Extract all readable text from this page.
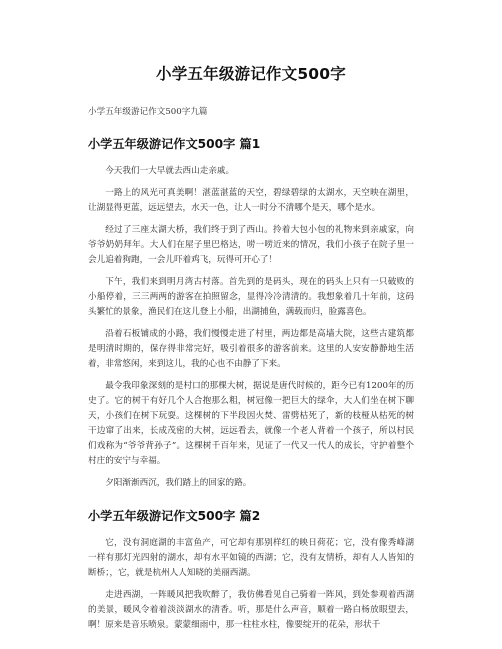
小学五年级游记作文500字
小学五年级游记作文500字九篇
小学五年级游记作文500字 篇1

今天我们一大早就去西山走亲戚。

一路上的风光可真美啊！湛蓝湛蓝的天空，碧绿碧绿的太湖水，天空映在湖里，让湖显得更蓝，远远望去，水天一色，让人一时分不清哪个是天，哪个是水。

经过了三座太湖大桥，我们终于到了西山。拎着大包小包的礼物来到亲戚家，向爷爷奶奶拜年。大人们在屋子里巴格达，唠一唠近来的情况，我们小孩子在院子里一会儿追着狗跑，一会儿吓着鸡飞，玩得可开心了！

下午，我们来到明月湾古村落。首先到的是码头，现在的码头上只有一只破败的小船停着，三三两两的游客在拍照留念，显得冷冷清清的。我想象着几十年前，这码头繁忙的景象，渔民们在这儿登上小船，出湖捕鱼，满载而归，脸露喜色。

沿着石板铺成的小路，我们慢慢走进了村里，两边都是高墙大院，这些古建筑都是明清时期的，保存得非常完好，吸引着很多的游客前来。这里的人安安静静地生活着，非常悠闲，来到这儿，我的心也不由静了下来。

最令我印象深刻的是村口的那棵大树，据说是唐代时候的，距今已有1200年的历史了。它的树干有好几个人合抱那么粗，树冠像一把巨大的绿伞，大人们坐在树下聊天，小孩们在树下玩耍。这棵树的下半段因火焚、雷劈枯死了，新的枝桠从枯死的树干边窜了出来，长成茂密的大树，远远看去，就像一个老人背着一个孩子，所以村民们戏称为“爷爷背孙子”。这棵树千百年来，见证了一代又一代人的成长，守护着整个村庄的安宁与幸福。

夕阳渐渐西沉，我们踏上的回家的路。

小学五年级游记作文500字 篇2

它，没有洞庭湖的丰富鱼产，可它却有那别样红的映日荷花；它，没有像秀峰湖一样有那灯光四射的湖水，却有水平如镜的西湖；它，没有友情桥，却有人人皆知的断桥；，它，就是杭州人人知晓的美丽西湖。

走进西湖，一阵暖风把我吹醉了，我仿佛看见自己骑着一阵风，到处参观着西湖的美景，暖风令着着淡淡湖水的清香。听，那是什么声音，顺着一路白杨放眼望去，啊！原来是音乐喷泉。蒙蒙细雨中，那一柱柱水柱，像要绽开的花朵，形状千
